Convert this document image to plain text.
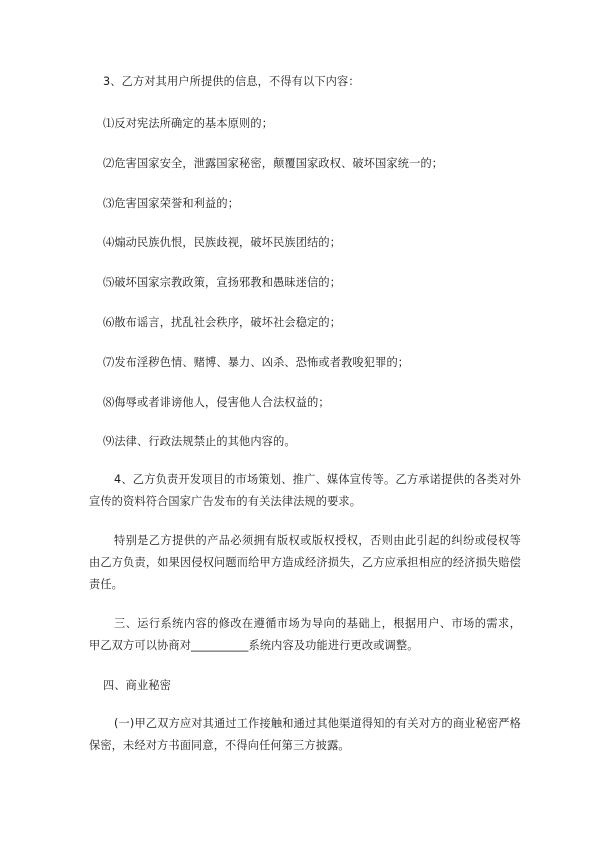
3、乙方对其用户所提供的信息，不得有以下内容：

⑴反对宪法所确定的基本原则的；

⑵危害国家安全，泄露国家秘密，颠覆国家政权、破坏国家统一的；

⑶危害国家荣誉和利益的；

⑷煽动民族仇恨，民族歧视，破坏民族团结的；

⑸破坏国家宗教政策，宣扬邪教和愚昧迷信的；

⑹散布谣言，扰乱社会秩序，破坏社会稳定的；

⑺发布淫秽色情、赌博、暴力、凶杀、恐怖或者教唆犯罪的；

⑻侮辱或者诽谤他人，侵害他人合法权益的；

⑼法律、行政法规禁止的其他内容的。

4、乙方负责开发项目的市场策划、推广、媒体宣传等。乙方承诺提供的各类对外宣传的资料符合国家广告发布的有关法律法规的要求。

特别是乙方提供的产品必须拥有版权或版权授权，否则由此引起的纠纷或侵权等由乙方负责，如果因侵权问题而给甲方造成经济损失，乙方应承担相应的经济损失赔偿责任。

三、运行系统内容的修改在遵循市场为导向的基础上，根据用户、市场的需求，甲乙双方可以协商对__________系统内容及功能进行更改或调整。

四、商业秘密

(一)甲乙双方应对其通过工作接触和通过其他渠道得知的有关对方的商业秘密严格保密，未经对方书面同意，不得向任何第三方披露。
